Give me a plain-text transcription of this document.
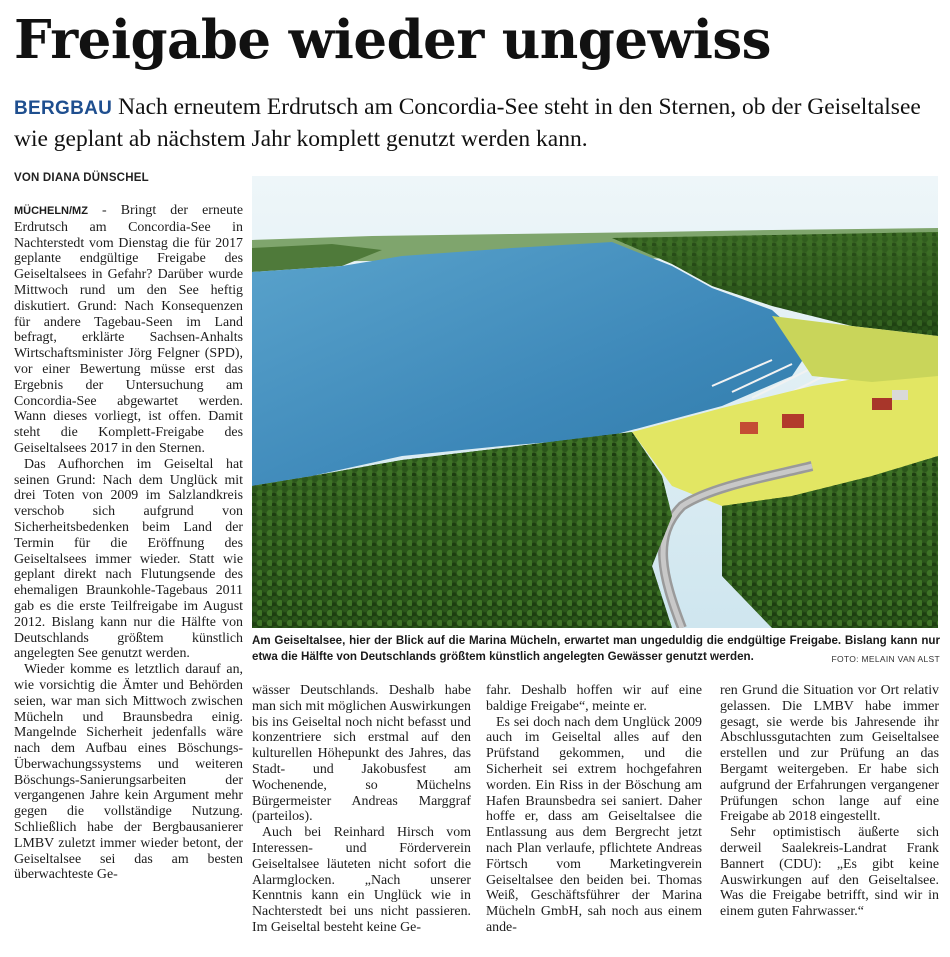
Freigabe wieder ungewiss
BERGBAU Nach erneutem Erdrutsch am Concordia-See steht in den Sternen, ob der Geiseltalsee wie geplant ab nächstem Jahr komplett genutzt werden kann.
VON DIANA DÜNSCHEL

MÜCHELN/MZ - Bringt der erneute Erdrutsch am Concordia-See in Nachterstedt vom Dienstag die für 2017 geplante endgültige Freigabe des Geiseltalsees in Gefahr? Darüber wurde Mittwoch rund um den See heftig diskutiert. Grund: Nach Konsequenzen für andere Tagebau-Seen im Land befragt, erklärte Sachsen-Anhalts Wirtschaftsminister Jörg Felgner (SPD), vor einer Bewertung müsse erst das Ergebnis der Untersuchung am Concordia-See abgewartet werden. Wann dieses vorliegt, ist offen. Damit steht die Komplett-Freigabe des Geiseltalsees 2017 in den Sternen.

Das Aufhorchen im Geiseltal hat seinen Grund: Nach dem Unglück mit drei Toten von 2009 im Salzlandkreis verschob sich aufgrund von Sicherheitsbedenken beim Land der Termin für die Eröffnung des Geiseltalsees immer wieder. Statt wie geplant direkt nach Flutungsende des ehemaligen Braunkohle-Tagebaus 2011 gab es die erste Teilfreigabe im August 2012. Bislang kann nur die Hälfte von Deutschlands größtem künstlich angelegten See genutzt werden.

Wieder komme es letztlich darauf an, wie vorsichtig die Ämter und Behörden seien, war man sich Mittwoch zwischen Mücheln und Braunsbedra einig. Mangelnde Sicherheit jedenfalls wäre nach dem Aufbau eines Böschungs-Überwachungssystems und weiteren Böschungs-Sanierungsarbeiten der vergangenen Jahre kein Argument mehr gegen die vollständige Nutzung. Schließlich habe der Bergbausanierer LMBV zuletzt immer wieder betont, der Geiseltalsee sei das am besten überwachteste Ge-

Am Geiseltalsee, hier der Blick auf die Marina Mücheln, erwartet man ungeduldig die endgültige Freigabe. Bislang kann nur etwa die Hälfte von Deutschlands größtem künstlich angelegten Gewässer genutzt werden.	FOTO: MELAIN VAN ALST

wässer Deutschlands. Deshalb habe man sich mit möglichen Auswirkungen bis ins Geiseltal noch nicht befasst und konzentriere sich erstmal auf den kulturellen Höhepunkt des Jahres, das Stadt- und Jakobusfest am Wochenende, so Müchelns Bürgermeister Andreas Marggraf (parteilos).

Auch bei Reinhard Hirsch vom Interessen- und Förderverein Geiseltalsee läuteten nicht sofort die Alarmglocken. „Nach unserer Kenntnis kann ein Unglück wie in Nachterstedt bei uns nicht passieren. Im Geiseltal besteht keine Ge-

fahr. Deshalb hoffen wir auf eine baldige Freigabe“, meinte er.

Es sei doch nach dem Unglück 2009 auch im Geiseltal alles auf den Prüfstand gekommen, und die Sicherheit sei extrem hochgefahren worden. Ein Riss in der Böschung am Hafen Braunsbedra sei saniert. Daher hoffe er, dass am Geiseltalsee die Entlassung aus dem Bergrecht jetzt nach Plan verlaufe, pflichtete Andreas Förtsch vom Marketingverein Geiseltalsee den beiden bei. Thomas Weiß, Geschäftsführer der Marina Mücheln GmbH, sah noch aus einem ande-

ren Grund die Situation vor Ort relativ gelassen. Die LMBV habe immer gesagt, sie werde bis Jahresende ihr Abschlussgutachten zum Geiseltalsee erstellen und zur Prüfung an das Bergamt weitergeben. Er habe sich aufgrund der Erfahrungen vergangener Prüfungen schon lange auf eine Freigabe ab 2018 eingestellt.

Sehr optimistisch äußerte sich derweil Saalekreis-Landrat Frank Bannert (CDU): „Es gibt keine Auswirkungen auf den Geiseltalsee. Was die Freigabe betrifft, sind wir in einem guten Fahrwasser.“
